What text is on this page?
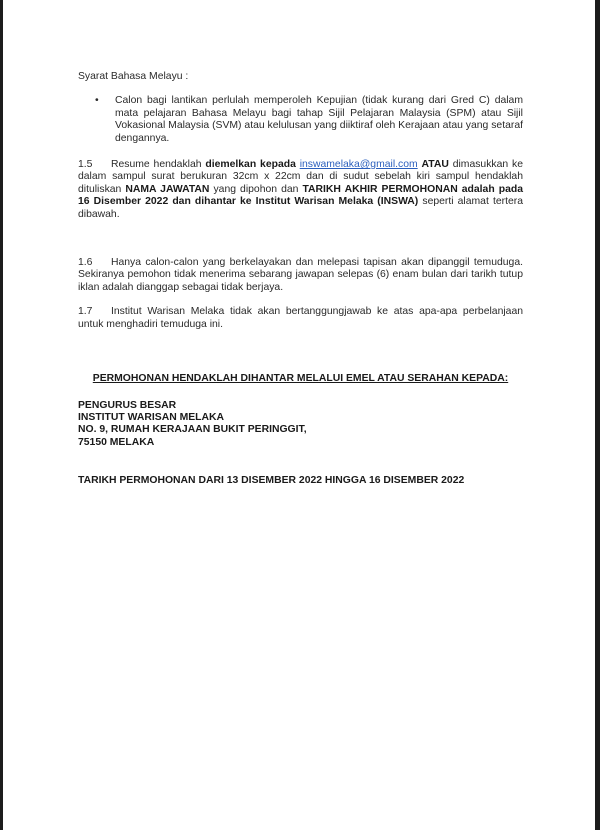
Syarat Bahasa Melayu :

• Calon bagi lantikan perlulah memperoleh Kepujian (tidak kurang dari Gred C) dalam mata pelajaran Bahasa Melayu bagi tahap Sijil Pelajaran Malaysia (SPM) atau Sijil Vokasional Malaysia (SVM) atau kelulusan yang diiktiraf oleh Kerajaan atau yang setaraf dengannya.

1.5 Resume hendaklah diemelkan kepada inswamelaka@gmail.com ATAU dimasukkan ke dalam sampul surat berukuran 32cm x 22cm dan di sudut sebelah kiri sampul hendaklah dituliskan NAMA JAWATAN yang dipohon dan TARIKH AKHIR PERMOHONAN adalah pada 16 Disember 2022 dan dihantar ke Institut Warisan Melaka (INSWA) seperti alamat tertera dibawah.

1.6 Hanya calon-calon yang berkelayakan dan melepasi tapisan akan dipanggil temuduga. Sekiranya pemohon tidak menerima sebarang jawapan selepas (6) enam bulan dari tarikh tutup iklan adalah dianggap sebagai tidak berjaya.

1.7 Institut Warisan Melaka tidak akan bertanggungjawab ke atas apa-apa perbelanjaan untuk menghadiri temuduga ini.

PERMOHONAN HENDAKLAH DIHANTAR MELALUI EMEL ATAU SERAHAN KEPADA:

PENGURUS BESAR
INSTITUT WARISAN MELAKA
NO. 9, RUMAH KERAJAAN BUKIT PERINGGIT,
75150 MELAKA

TARIKH PERMOHONAN DARI 13 DISEMBER 2022 HINGGA 16 DISEMBER 2022
